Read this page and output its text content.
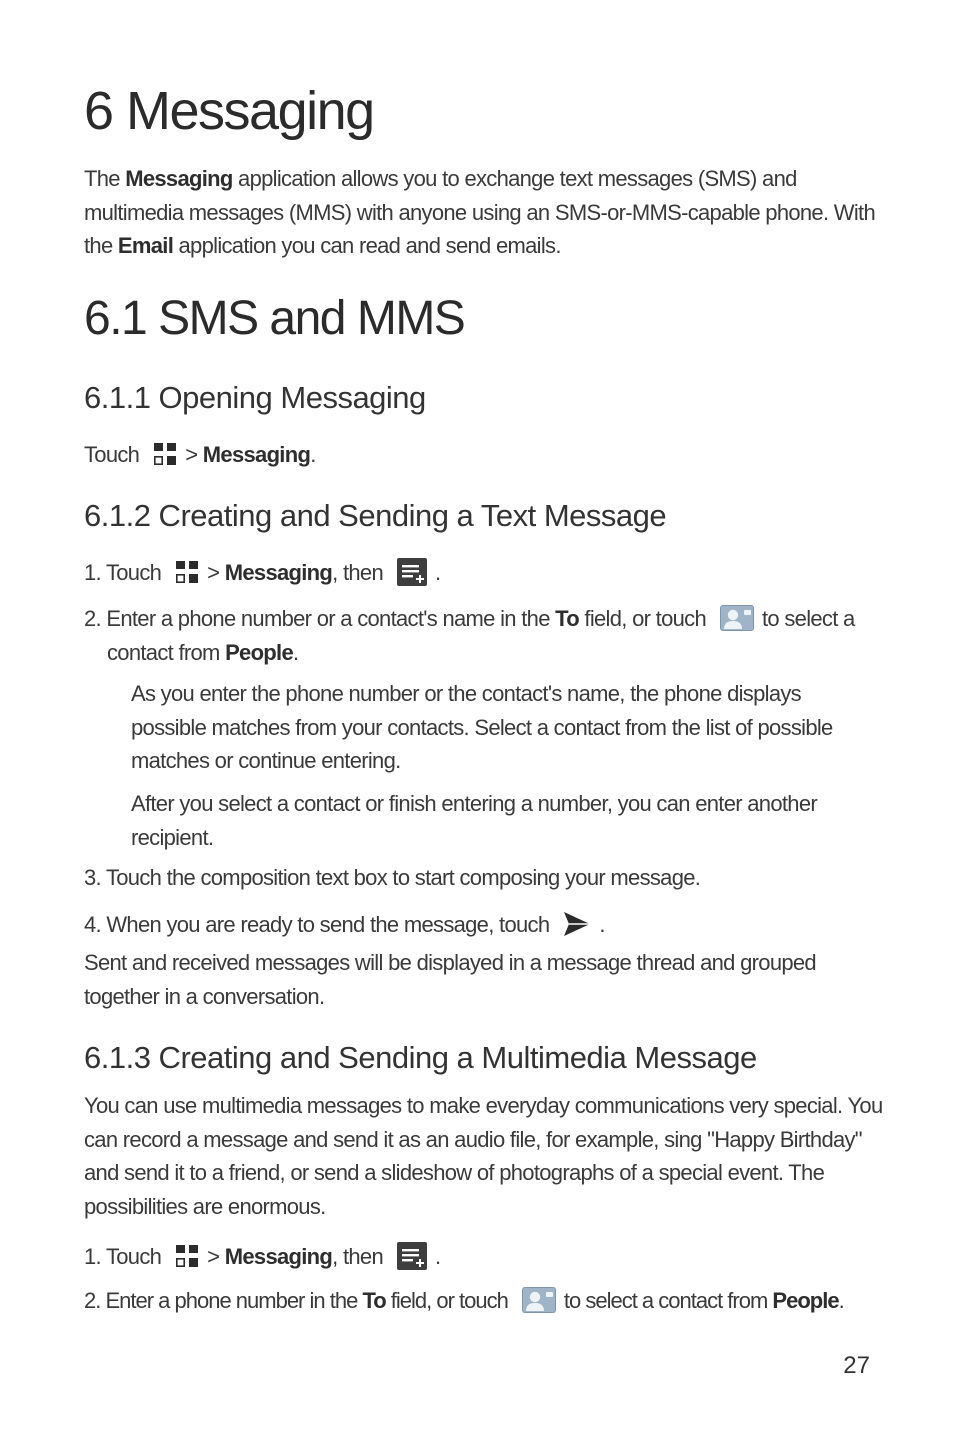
6 Messaging

The Messaging application allows you to exchange text messages (SMS) and multimedia messages (MMS) with anyone using an SMS-or-MMS-capable phone. With the Email application you can read and send emails.

6.1 SMS and MMS
6.1.1 Opening Messaging

Touch > Messaging.

6.1.2 Creating and Sending a Text Message

1. Touch > Messaging, then .

2. Enter a phone number or a contact's name in the To field, or touch	to select a contact from People.

As you enter the phone number or the contact's name, the phone displays possible matches from your contacts. Select a contact from the list of possible matches or continue entering.

After you select a contact or finish entering a number, you can enter another recipient.

3. Touch the composition text box to start composing your message.

4. When you are ready to send the message, touch .

Sent and received messages will be displayed in a message thread and grouped together in a conversation.

6.1.3 Creating and Sending a Multimedia Message

You can use multimedia messages to make everyday communications very special. You can record a message and send it as an audio file, for example, sing "Happy Birthday" and send it to a friend, or send a slideshow of photographs of a special event. The possibilities are enormous.

1. Touch > Messaging, then .

2. Enter a phone number in the To field, or touch	to select a contact from People.

27
